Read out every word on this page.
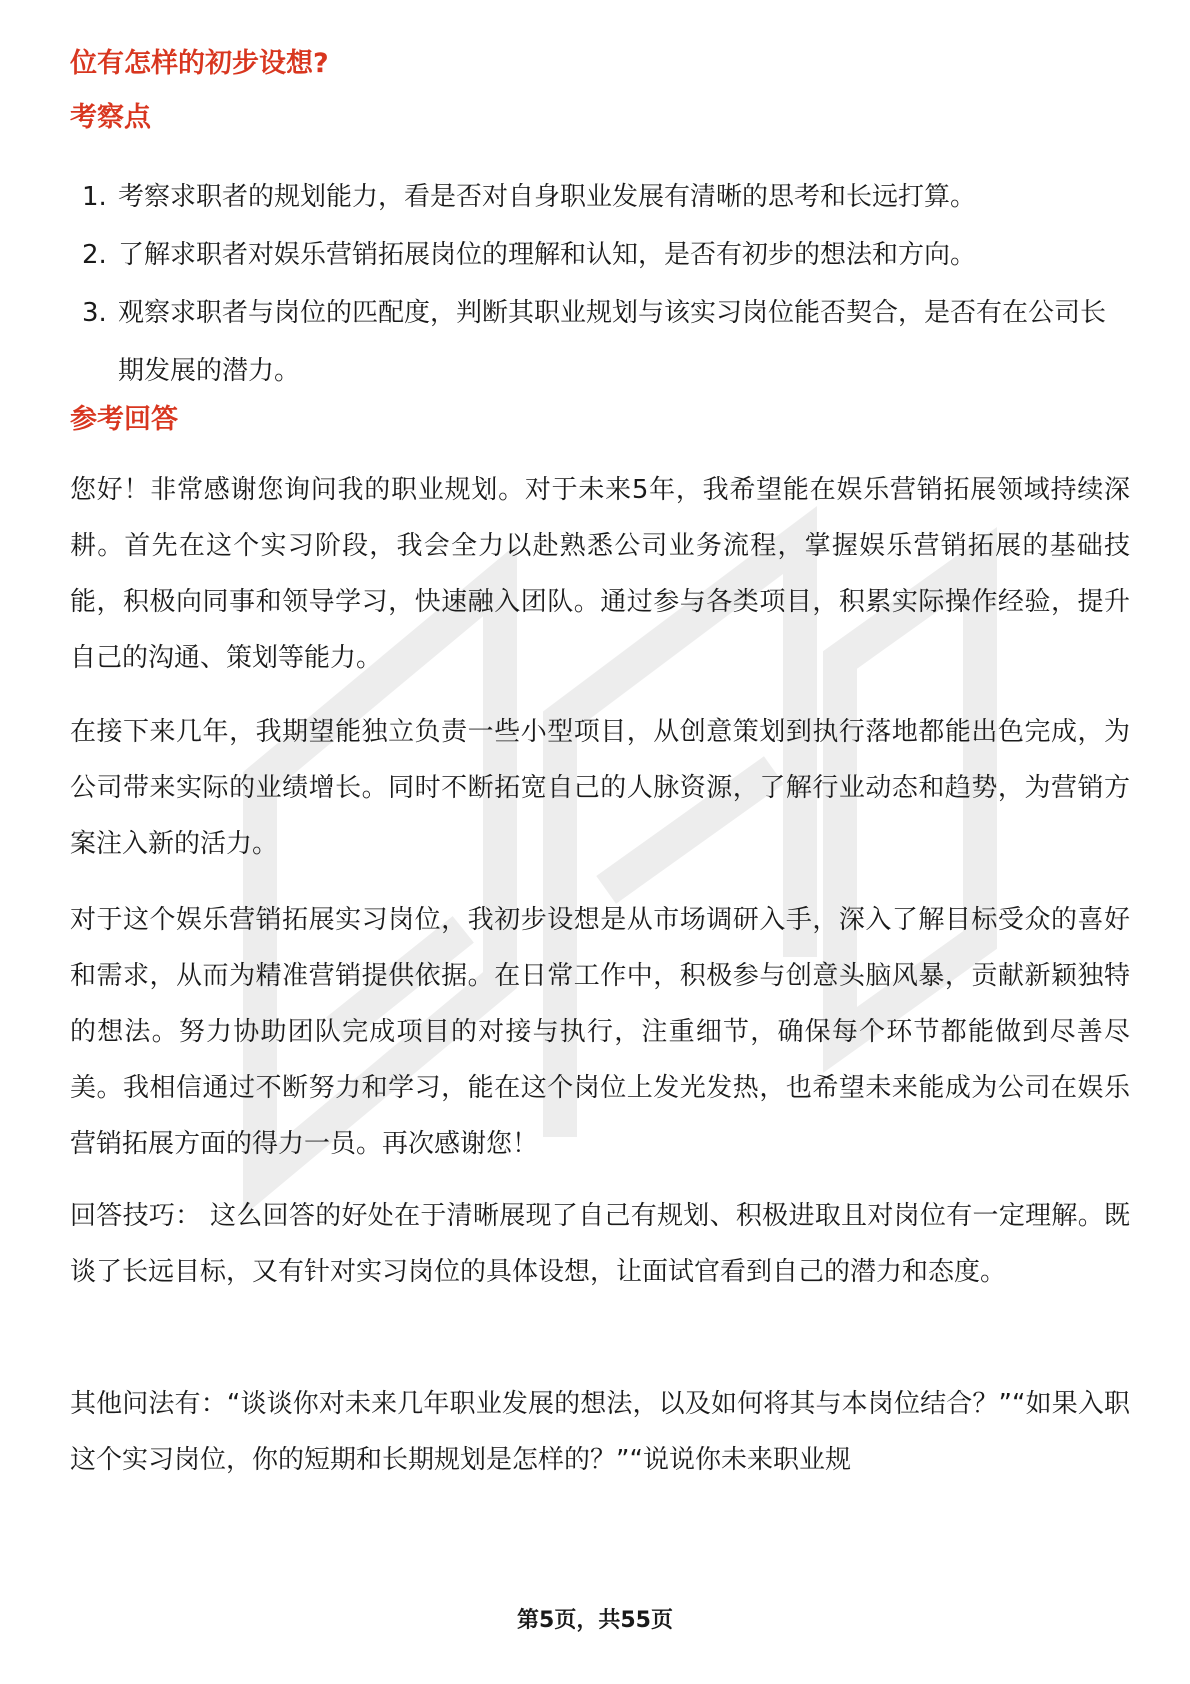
位有怎样的初步设想?
考察点
1. 考察求职者的规划能力，看是否对自身职业发展有清晰的思考和长远打算。
2. 了解求职者对娱乐营销拓展岗位的理解和认知，是否有初步的想法和方向。
3. 观察求职者与岗位的匹配度，判断其职业规划与该实习岗位能否契合，是否有在公司长期发展的潜力。
参考回答
您好！非常感谢您询问我的职业规划。对于未来5年，我希望能在娱乐营销拓展领域持续深耕。首先在这个实习阶段，我会全力以赴熟悉公司业务流程，掌握娱乐营销拓展的基础技能，积极向同事和领导学习，快速融入团队。通过参与各类项目，积累实际操作经验，提升自己的沟通、策划等能力。
在接下来几年，我期望能独立负责一些小型项目，从创意策划到执行落地都能出色完成，为公司带来实际的业绩增长。同时不断拓宽自己的人脉资源，了解行业动态和趋势，为营销方案注入新的活力。
对于这个娱乐营销拓展实习岗位，我初步设想是从市场调研入手，深入了解目标受众的喜好和需求，从而为精准营销提供依据。在日常工作中，积极参与创意头脑风暴，贡献新颖独特的想法。努力协助团队完成项目的对接与执行，注重细节，确保每个环节都能做到尽善尽美。我相信通过不断努力和学习，能在这个岗位上发光发热，也希望未来能成为公司在娱乐营销拓展方面的得力一员。再次感谢您！
回答技巧： 这么回答的好处在于清晰展现了自己有规划、积极进取且对岗位有一定理解。既谈了长远目标，又有针对实习岗位的具体设想，让面试官看到自己的潜力和态度。
其他问法有：“谈谈你对未来几年职业发展的想法，以及如何将其与本岗位结合？”“如果入职这个实习岗位，你的短期和长期规划是怎样的？”“说说你未来职业规
第5页，共55页
